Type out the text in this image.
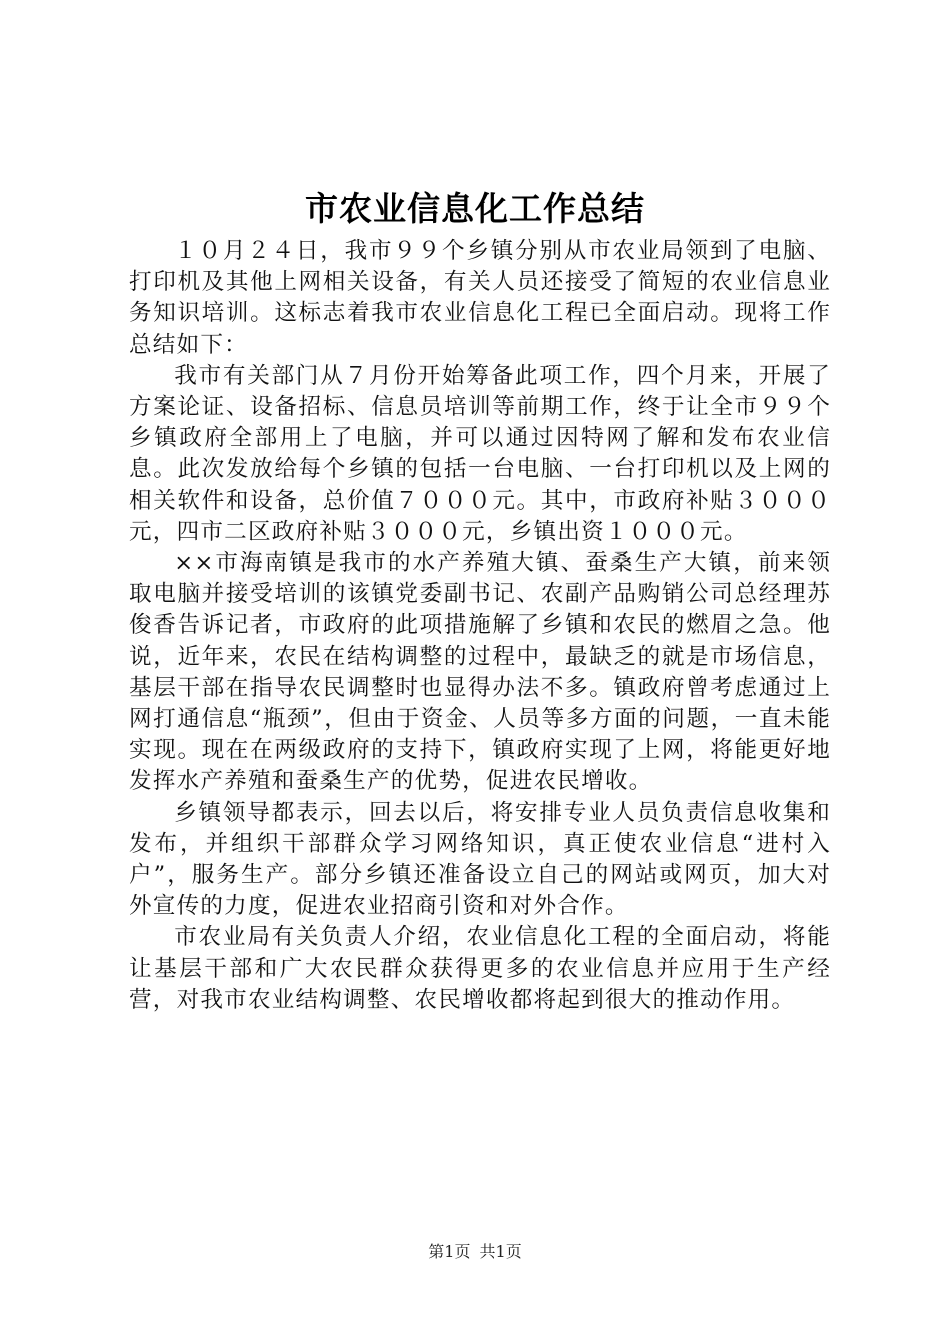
市农业信息化工作总结

１０月２４日，我市９９个乡镇分别从市农业局领到了电脑、打印机及其他上网相关设备，有关人员还接受了简短的农业信息业务知识培训。这标志着我市农业信息化工程已全面启动。现将工作总结如下：

我市有关部门从７月份开始筹备此项工作，四个月来，开展了方案论证、设备招标、信息员培训等前期工作，终于让全市９９个乡镇政府全部用上了电脑，并可以通过因特网了解和发布农业信息。此次发放给每个乡镇的包括一台电脑、一台打印机以及上网的相关软件和设备，总价值７０００元。其中，市政府补贴３０００元，四市二区政府补贴３０００元，乡镇出资１０００元。

××市海南镇是我市的水产养殖大镇、蚕桑生产大镇，前来领取电脑并接受培训的该镇党委副书记、农副产品购销公司总经理苏俊香告诉记者，市政府的此项措施解了乡镇和农民的燃眉之急。他说，近年来，农民在结构调整的过程中，最缺乏的就是市场信息，基层干部在指导农民调整时也显得办法不多。镇政府曾考虑通过上网打通信息“瓶颈”，但由于资金、人员等多方面的问题，一直未能实现。现在在两级政府的支持下，镇政府实现了上网，将能更好地发挥水产养殖和蚕桑生产的优势，促进农民增收。

乡镇领导都表示，回去以后，将安排专业人员负责信息收集和发布，并组织干部群众学习网络知识，真正使农业信息“进村入户”，服务生产。部分乡镇还准备设立自己的网站或网页，加大对外宣传的力度，促进农业招商引资和对外合作。

市农业局有关负责人介绍，农业信息化工程的全面启动，将能让基层干部和广大农民群众获得更多的农业信息并应用于生产经营，对我市农业结构调整、农民增收都将起到很大的推动作用。

第1页 共1页
